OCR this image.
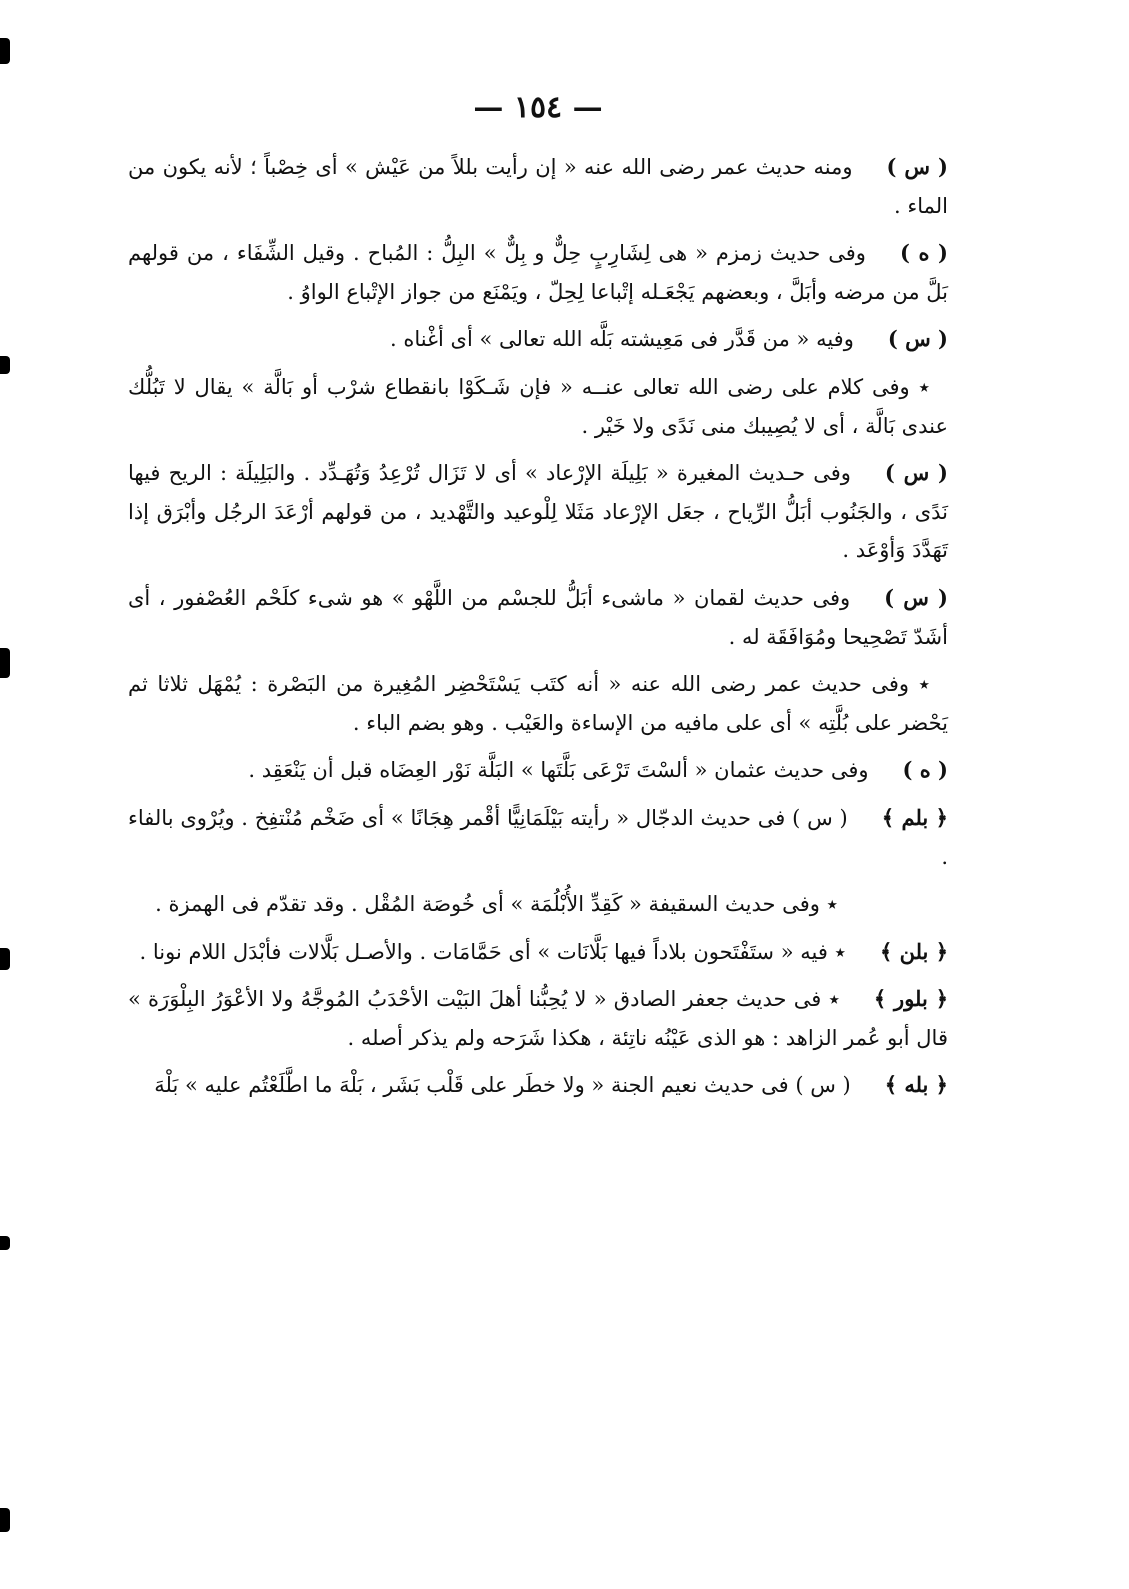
— ١٥٤ —

( س )ومنه حديث عمر رضى الله عنه « إن رأيت بللاً من عَيْش » أى خِصْباً ؛ لأنه يكون من الماء .

( ه )وفى حديث زمزم « هى لِشَارِبٍ حِلٌّ و بِلٌّ » البِلُّ : المُباح . وقيل الشِّفَاء ، من قولهم بَلَّ من مرضه وأبَلَّ ، وبعضهم يَجْعَـله إتْباعا لِحِلّ ، ويَمْنَع من جواز الإتْباع الواوُ .

( س )وفيه « من قَدَّر فى مَعِيشته بَلَّه الله تعالى » أى أغْناه .

٭ وفى كلام على رضى الله تعالى عنــه « فإن شَـكَوْا بانقطاع شرْب أو بَالَّة » يقال لا تَبُلُّك عندى بَالَّة ، أى لا يُصِيبك منى نَدًى ولا خَيْر .

( س )وفى حـديث المغيرة « بَلِيلَة الإرْعاد » أى لا تَزَال تُرْعِدُ وَتُهَـدِّد . والبَلِيلَة : الريح فيها نَدًى ، والجَنُوب أبَلُّ الرِّياح ، جعَل الإرْعاد مَثَلا لِلْوعيد والتَّهْديد ، من قولهم أرْعَدَ الرجُل وأبْرَق إذا تَهَدَّدَ وَأوْعَد .

( س )وفى حديث لقمان « ماشىء أبَلُّ للجسْم من اللَّهْو » هو شىء كلَحْم العُصْفور ، أى أشَدّ تَصْحِيحا ومُوَافَقَة له .

٭ وفى حديث عمر رضى الله عنه « أنه كتَب يَسْتَحْضِر المُغِيرة من البَصْرة : يُمْهَل ثلاثا ثم يَحْضر على بُلَّتِه » أى على مافيه من الإساءة والعَيْب . وهو بضم الباء .

( ه )وفى حديث عثمان « ألسْتَ تَرْعَى بَلَّتَها » البَلَّة نَوْر العِضَاه قبل أن يَنْعَقِد .

﴿ بلم ﴾( س ) فى حديث الدجّال « رأيته بَيْلَمَانِيًّا أقْمر هِجَانًا » أى ضَخْم مُنْتفِخ . ويُرْوى بالفاء .

٭ وفى حديث السقيفة « كَقِدِّ الأُبْلُمَة » أى خُوصَة المُقْل . وقد تقدّم فى الهمزة .

﴿ بلن ﴾٭ فيه « ستَفْتَحون بلاداً فيها بَلَّانَات » أى حَمَّامَات . والأصـل بَلَّالات فأبْدَل اللام نونا .

﴿ بلور ﴾٭ فى حديث جعفر الصادق « لا يُحِبُّنا أهلَ البَيْت الأحْدَبُ المُوجَّهُ ولا الأعْوَرُ البِلْوَرَة » قال أبو عُمر الزاهد : هو الذى عَيْنُه ناتِئة ، هكذا شَرَحه ولم يذكر أصله .

﴿ بله ﴾( س ) فى حديث نعيم الجنة « ولا خطَر على قَلْب بَشَر ، بَلْهَ ما اطَّلَعْتُم عليه » بَلْهَ
